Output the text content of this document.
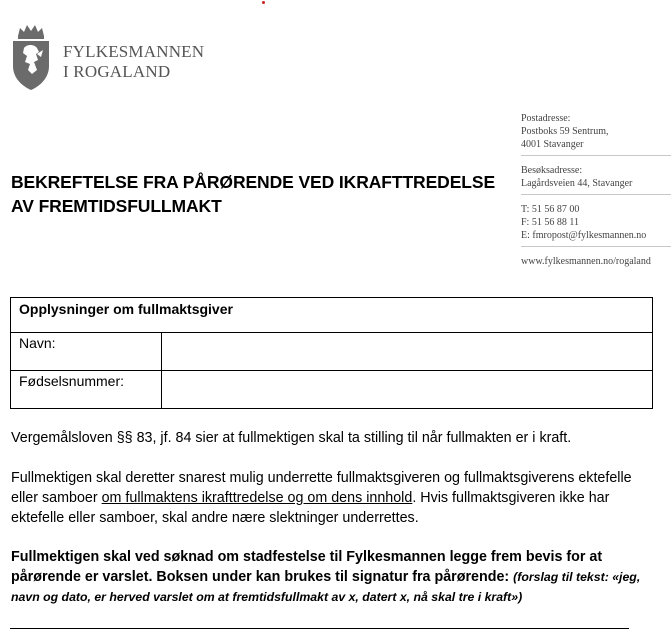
FYLKESMANNEN
I ROGALAND
Postadresse:
Postboks 59 Sentrum,
4001 Stavanger
Besøksadresse:
Lagårdsveien 44, Stavanger
T: 51 56 87 00
F: 51 56 88 11
E: fmropost@fylkesmannen.no
www.fylkesmannen.no/rogaland
BEKREFTELSE FRA PÅRØRENDE VED IKRAFTTREDELSE
AV FREMTIDSFULLMAKT
Opplysninger om fullmaktsgiver	
Navn:	
Fødselsnummer:	
Vergemålsloven §§ 83, jf. 84 sier at fullmektigen skal ta stilling til når fullmakten er i kraft.
Fullmektigen skal deretter snarest mulig underrette fullmaktsgiveren og fullmaktsgiverens ektefelle eller samboer om fullmaktens ikrafttredelse og om dens innhold. Hvis fullmaktsgiveren ikke har ektefelle eller samboer, skal andre nære slektninger underrettes.
Fullmektigen skal ved søknad om stadfestelse til Fylkesmannen legge frem bevis for at pårørende er varslet. Boksen under kan brukes til signatur fra pårørende: (forslag til tekst: «jeg, navn og dato, er herved varslet om at fremtidsfullmakt av x, datert x, nå skal tre i kraft»)
